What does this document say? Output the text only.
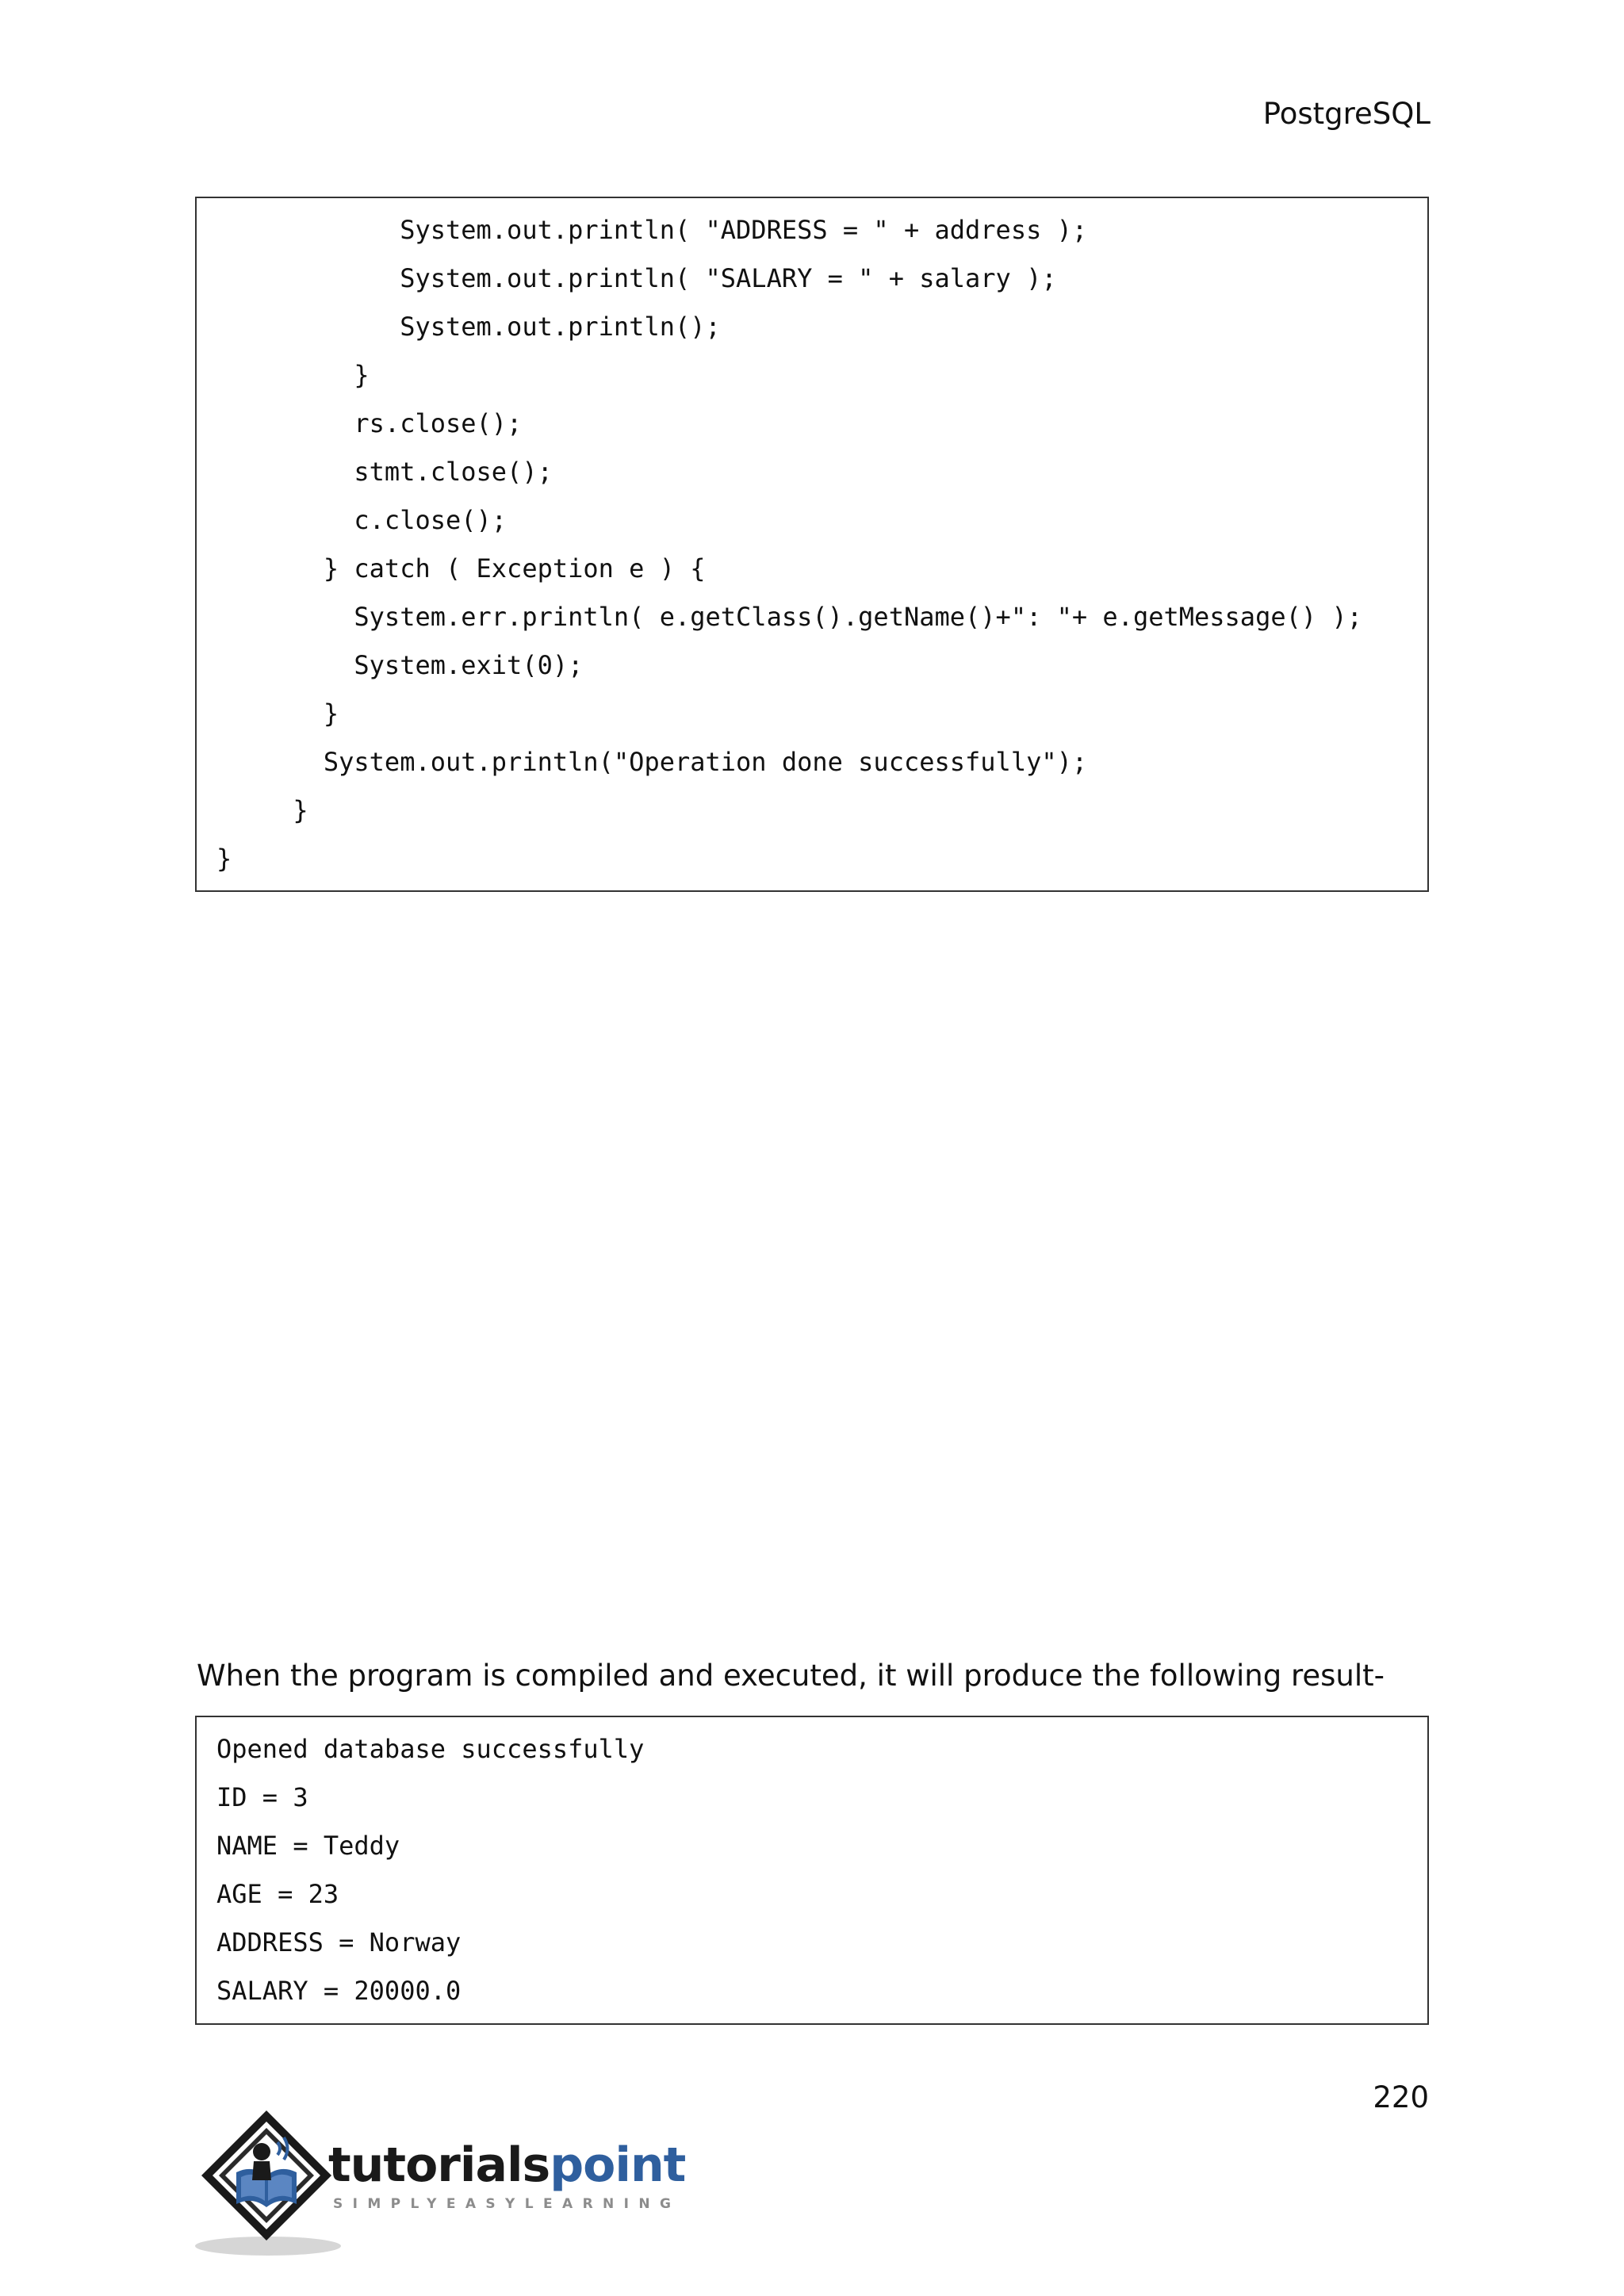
PostgreSQL
System.out.println( "ADDRESS = " + address );
System.out.println( "SALARY = " + salary );
System.out.println();
}
rs.close();
stmt.close();
c.close();
} catch ( Exception e ) {
System.err.println( e.getClass().getName()+": "+ e.getMessage() );
System.exit(0);
}
System.out.println("Operation done successfully");
}
}
When the program is compiled and executed, it will produce the following result-
Opened database successfully
ID = 3
NAME = Teddy
AGE = 23
ADDRESS = Norway
SALARY = 20000.0
220
tutorialspoint
SIMPLYEASYLEARNING
